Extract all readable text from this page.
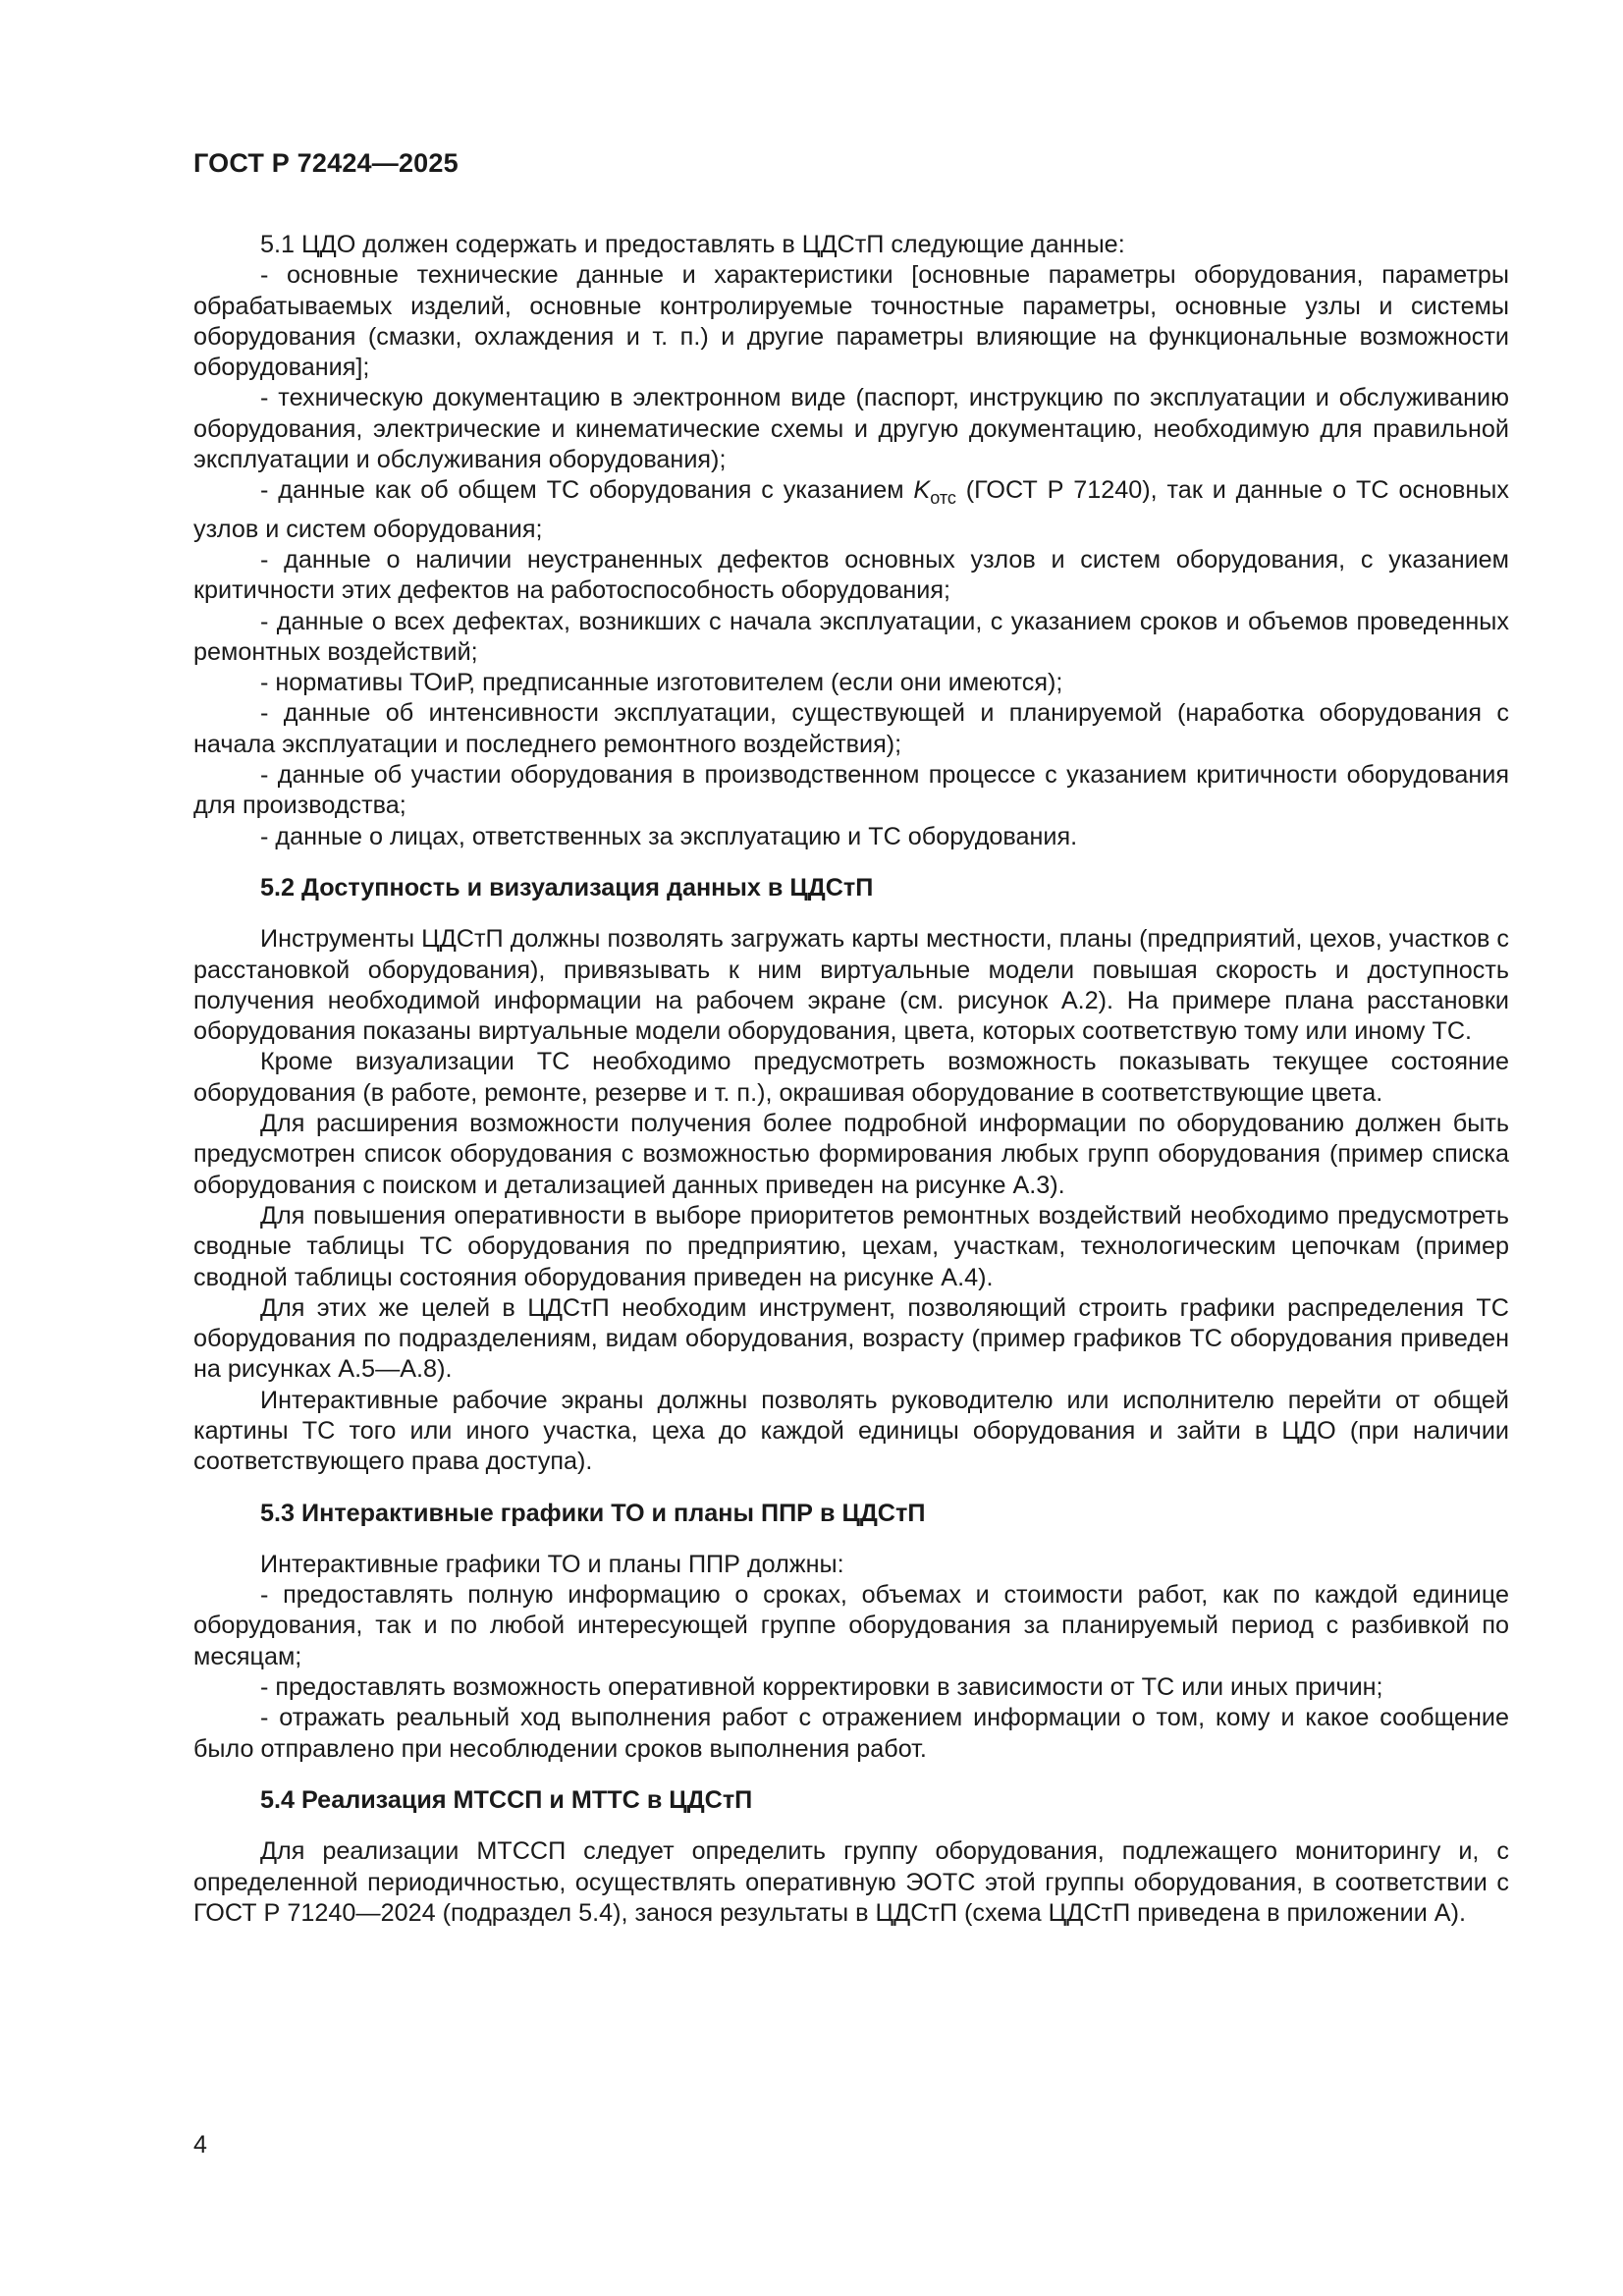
ГОСТ Р 72424—2025

5.1 ЦДО должен содержать и предоставлять в ЦДСтП следующие данные:

- основные технические данные и характеристики [основные параметры оборудования, параметры обрабатываемых изделий, основные контролируемые точностные параметры, основные узлы и системы оборудования (смазки, охлаждения и т. п.) и другие параметры влияющие на функциональные возможности оборудования];

- техническую документацию в электронном виде (паспорт, инструкцию по эксплуатации и обслуживанию оборудования, электрические и кинематические схемы и другую документацию, необходимую для правильной эксплуатации и обслуживания оборудования);

- данные как об общем ТС оборудования с указанием $K_{отс}$ (ГОСТ Р 71240), так и данные о ТС основных узлов и систем оборудования;

- данные о наличии неустраненных дефектов основных узлов и систем оборудования, с указанием критичности этих дефектов на работоспособность оборудования;

- данные о всех дефектах, возникших с начала эксплуатации, с указанием сроков и объемов проведенных ремонтных воздействий;

- нормативы ТОиР, предписанные изготовителем (если они имеются);

- данные об интенсивности эксплуатации, существующей и планируемой (наработка оборудования с начала эксплуатации и последнего ремонтного воздействия);

- данные об участии оборудования в производственном процессе с указанием критичности оборудования для производства;

- данные о лицах, ответственных за эксплуатацию и ТС оборудования.

5.2 Доступность и визуализация данных в ЦДСтП

Инструменты ЦДСтП должны позволять загружать карты местности, планы (предприятий, цехов, участков с расстановкой оборудования), привязывать к ним виртуальные модели повышая скорость и доступность получения необходимой информации на рабочем экране (см. рисунок А.2). На примере плана расстановки оборудования показаны виртуальные модели оборудования, цвета, которых соответствую тому или иному ТС.

Кроме визуализации ТС необходимо предусмотреть возможность показывать текущее состояние оборудования (в работе, ремонте, резерве и т. п.), окрашивая оборудование в соответствующие цвета.

Для расширения возможности получения более подробной информации по оборудованию должен быть предусмотрен список оборудования с возможностью формирования любых групп оборудования (пример списка оборудования с поиском и детализацией данных приведен на рисунке А.3).

Для повышения оперативности в выборе приоритетов ремонтных воздействий необходимо предусмотреть сводные таблицы ТС оборудования по предприятию, цехам, участкам, технологическим цепочкам (пример сводной таблицы состояния оборудования приведен на рисунке А.4).

Для этих же целей в ЦДСтП необходим инструмент, позволяющий строить графики распределения ТС оборудования по подразделениям, видам оборудования, возрасту (пример графиков ТС оборудования приведен на рисунках А.5—А.8).

Интерактивные рабочие экраны должны позволять руководителю или исполнителю перейти от общей картины ТС того или иного участка, цеха до каждой единицы оборудования и зайти в ЦДО (при наличии соответствующего права доступа).

5.3 Интерактивные графики ТО и планы ППР в ЦДСтП

Интерактивные графики ТО и планы ППР должны:

- предоставлять полную информацию о сроках, объемах и стоимости работ, как по каждой единице оборудования, так и по любой интересующей группе оборудования за планируемый период с разбивкой по месяцам;

- предоставлять возможность оперативной корректировки в зависимости от ТС или иных причин;

- отражать реальный ход выполнения работ с отражением информации о том, кому и какое сообщение было отправлено при несоблюдении сроков выполнения работ.

5.4 Реализация МТССП и МТТС в ЦДСтП

Для реализации МТССП следует определить группу оборудования, подлежащего мониторингу и, с определенной периодичностью, осуществлять оперативную ЭОТС этой группы оборудования, в соответствии с ГОСТ Р 71240—2024 (подраздел 5.4), занося результаты в ЦДСтП (схема ЦДСтП приведена в приложении А).

4
